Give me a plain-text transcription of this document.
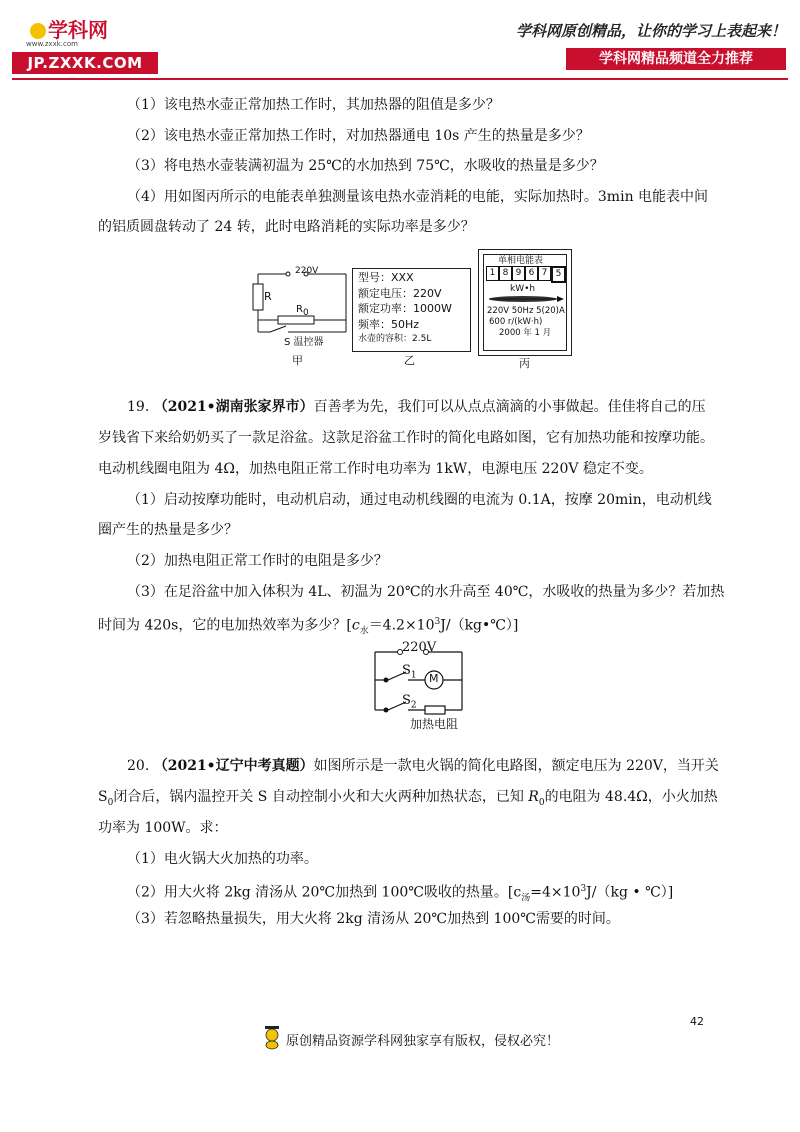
学科网
www.zxxk.com
JP.ZXXK.COM
学科网原创精品，让你的学习上表起来！
学科网精品频道全力推荐
（1）该电热水壶正常加热工作时，其加热器的阻值是多少？
（2）该电热水壶正常加热工作时，对加热器通电 10s 产生的热量是多少？
（3）将电热水壶装满初温为 25℃的水加热到 75℃，水吸收的热量是多少？
（4）用如图丙所示的电能表单独测量该电热水壶消耗的电能，实际加热时。3min 电能表中间
的铝质圆盘转动了 24 转，此时电路消耗的实际功率是多少？
220V
R
$R_0$
S 温控器
甲
型号：XXX
额定电压：220V
额定功率：1000W
频率：50Hz
水壶的容积：2.5L
乙
单相电能表
1 8 9 6 7 5
kW•h
220V 50Hz 5(20)A
600 r/(kW·h)
2000 年 1 月
丙
19. （2021•湖南张家界市）百善孝为先，我们可以从点点滴滴的小事做起。佳佳将自己的压
岁钱省下来给奶奶买了一款足浴盆。这款足浴盆工作时的简化电路如图，它有加热功能和按摩功能。
电动机线圈电阻为 4Ω，加热电阻正常工作时电功率为 1kW，电源电压 220V 稳定不变。
（1）启动按摩功能时，电动机启动，通过电动机线圈的电流为 0.1A，按摩 20min，电动机线
圈产生的热量是多少？
（2）加热电阻正常工作时的电阻是多少？
（3）在足浴盆中加入体积为 4L、初温为 20℃的水升高至 40℃，水吸收的热量为多少？若加热
时间为 420s，它的电加热效率为多少？$[c_水=4.2\times 10^3J/(kg•℃)]$
220V
$S_1$ M
$S_2$
加热电阻
20. （2021•辽宁中考真题）如图所示是一款电火锅的简化电路图，额定电压为 220V，当开关
$S_0$闭合后，锅内温控开关 S 自动控制小火和大火两种加热状态，已知 $R_0$的电阻为 48.4Ω，小火加热
功率为 100W。求：
（1）电火锅大火加热的功率。
（2）用大火将 2kg 清汤从 20℃加热到 100℃吸收的热量。[$c_汤=4\times 10^3J/(kg$ • ℃）]
（3）若忽略热量损失，用大火将 2kg 清汤从 20℃加热到 100℃需要的时间。
42
原创精品资源学科网独家享有版权，侵权必究！
